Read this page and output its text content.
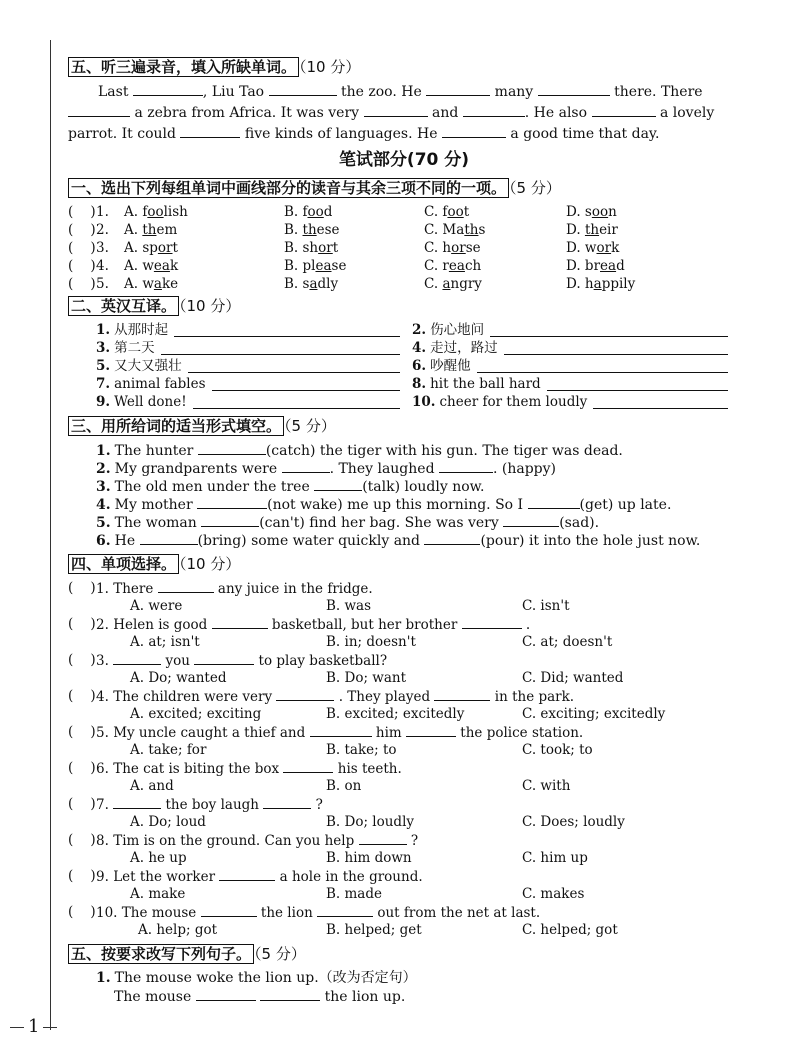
1
五、听三遍录音，填入所缺单词。 （10 分）
Last	, Liu Tao	the zoo. He	many	there. There
a zebra from Africa. It was very	and	. He also	a lovely
parrot. It could	five kinds of languages. He	a good time that day.
笔试部分(70 分)
一、选出下列每组单词中画线部分的读音与其余三项不同的一项。 （5 分）
(    ) 1.	A. foolish	B. food	C. foot	D. soon
(    ) 2.	A. them	B. these	C. Maths	D. their
(    ) 3.	A. sport	B. short	C. horse	D. work
(    ) 4.	A. weak	B. please	C. reach	D. bread
(    ) 5.	A. wake	B. sadly	C. angry	D. happily
二、英汉互译。 （10 分）
1. 从那时起	2. 伤心地问
3. 第二天	4. 走过，路过
5. 又大又强壮	6. 吵醒他
7. animal fables	8. hit the ball hard
9. Well done!	10. cheer for them loudly
三、用所给词的适当形式填空。 （5 分）
1. The hunter	(catch) the tiger with his gun. The tiger was dead.
2. My grandparents were	. They laughed	. (happy)
3. The old men under the tree	(talk) loudly now.
4. My mother	(not wake) me up this morning. So I	(get) up late.
5. The woman	(can't) find her bag. She was very	(sad).
6. He	(bring) some water quickly and	(pour) it into the hole just now.
四、单项选择。 （10 分）
(    ) 1. There	any juice in the fridge.
A. were	B. was	C. isn't
(    ) 2. Helen is good	basketball, but her brother	.
A. at; isn't	B. in; doesn't	C. at; doesn't
(    ) 3.	you	to play basketball?
A. Do; wanted	B. Do; want	C. Did; wanted
(    ) 4. The children were very	. They played	in the park.
A. excited; exciting	B. excited; excitedly	C. exciting; excitedly
(    ) 5. My uncle caught a thief and	him	the police station.
A. take; for	B. take; to	C. took; to
(    ) 6. The cat is biting the box	his teeth.
A. and	B. on	C. with
(    ) 7.	the boy laugh	?
A. Do; loud	B. Do; loudly	C. Does; loudly
(    ) 8. Tim is on the ground. Can you help	?
A. he up	B. him down	C. him up
(    ) 9. Let the worker	a hole in the ground.
A. make	B. made	C. makes
(    ) 10. The mouse	the lion	out from the net at last.
A. help; got	B. helped; get	C. helped; got
五、按要求改写下列句子。 （5 分）
1. The mouse woke the lion up.（改为否定句）
The mouse	the lion up.
